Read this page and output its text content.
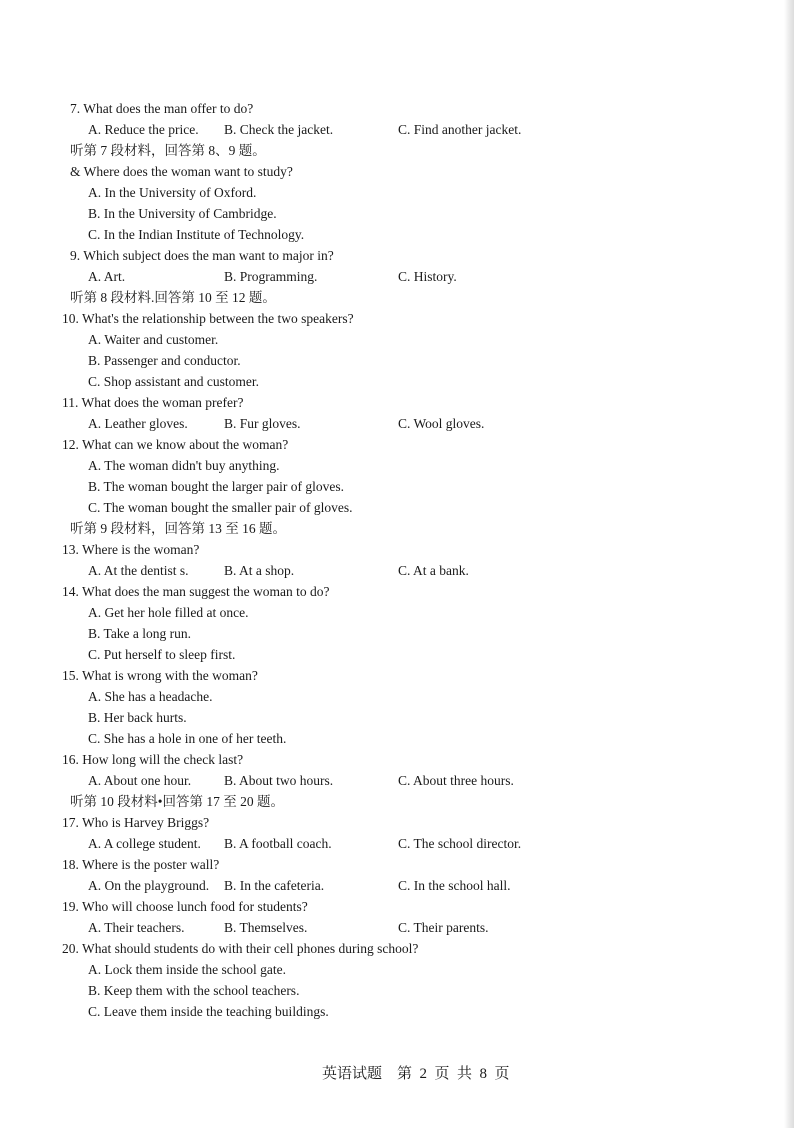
7. What does the man offer to do?
A. Reduce the price. B. Check the jacket.	C. Find another jacket.
听第 7 段材料，回答第 8、9 题。
& Where does the woman want to study?
A. In the University of Oxford.
B. In the University of Cambridge.
C. In the Indian Institute of Technology.
9. Which subject does the man want to major in?
A. Art.	B. Programming.	C. History.
听第 8 段材料.回答第 10 至 12 题。
10. What's the relationship between the two speakers?
A. Waiter and customer.
B. Passenger and conductor.
C. Shop assistant and customer.
11. What does the woman prefer?
A. Leather gloves.	B. Fur gloves.	C. Wool gloves.
12. What can we know about the woman?
A. The woman didn't buy anything.
B. The woman bought the larger pair of gloves.
C. The woman bought the smaller pair of gloves.
听第 9 段材料，回答第 13 至 16 题。
13. Where is the woman?
A. At the dentist s.	B. At a shop.	C. At a bank.
14. What does the man suggest the woman to do?
A. Get her hole filled at once.
B. Take a long run.
C. Put herself to sleep first.
15. What is wrong with the woman?
A. She has a headache.
B. Her back hurts.
C. She has a hole in one of her teeth.
16. How long will the check last?
A. About one hour. B. About two hours.	C. About three hours.
听第 10 段材料•回答第 17 至 20 题。
17. Who is Harvey Briggs?
A. A college student. B. A football coach.	C. The school director.
18. Where is the poster wall?
A. On the playground. B. In the cafeteria.	C. In the school hall.
19. Who will choose lunch food for students?
A. Their teachers.	B. Themselves.	C. Their parents.
20. What should students do with their cell phones during school?
A. Lock them inside the school gate.
B. Keep them with the school teachers.
C. Leave them inside the teaching buildings.
英语试题    第  2  页  共  8  页
